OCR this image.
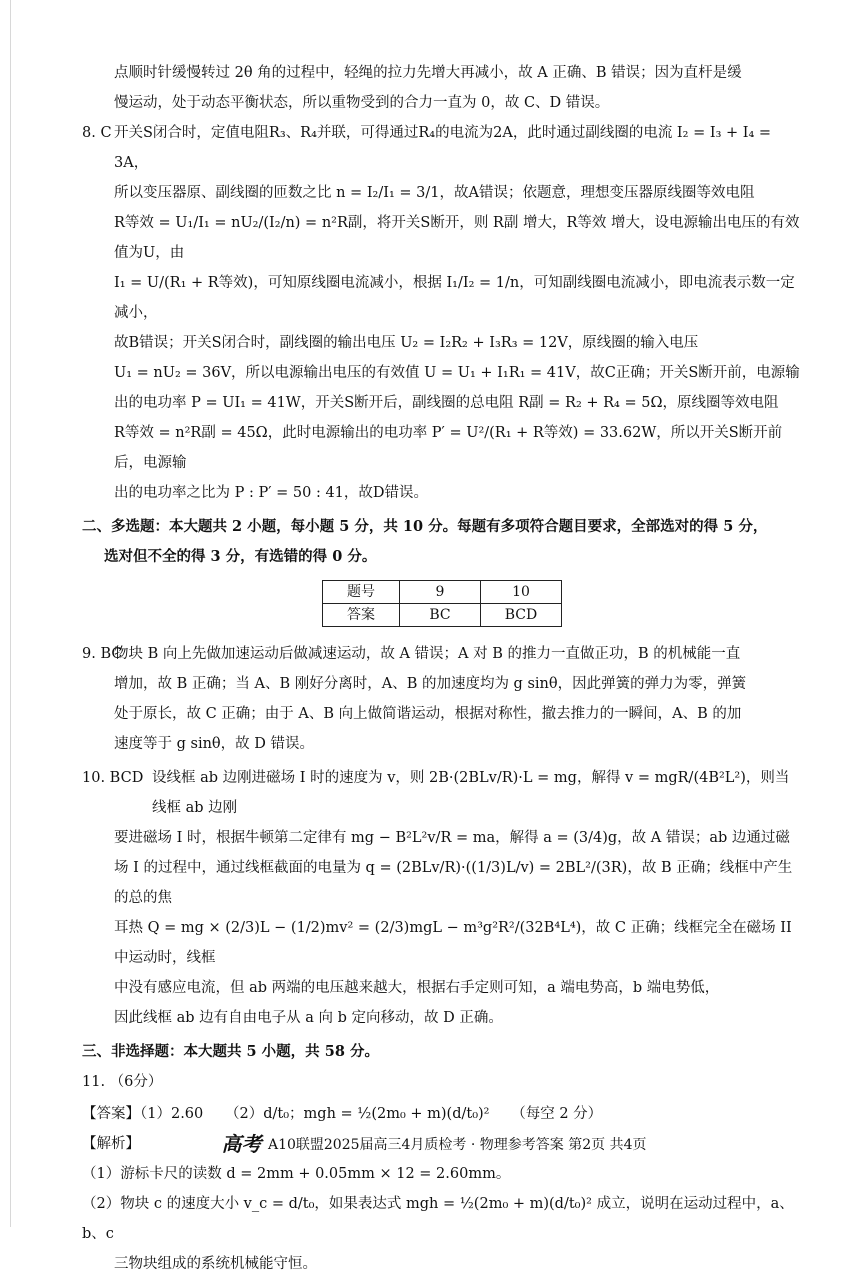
点顺时针缓慢转过 2θ 角的过程中，轻绳的拉力先增大再减小，故 A 正确、B 错误；因为直杆是缓

慢运动，处于动态平衡状态，所以重物受到的合力一直为 0，故 C、D 错误。

8. C 开关S闭合时，定值电阻R₃、R₄并联，可得通过R₄的电流为2A，此时通过副线圈的电流 I₂ = I₃ + I₄ = 3A，

所以变压器原、副线圈的匝数之比 n = I₂/I₁ = 3/1，故A错误；依题意，理想变压器原线圈等效电阻

R等效 = U₁/I₁ = nU₂/(I₂/n) = n²R副，将开关S断开，则 R副 增大，R等效 增大，设电源输出电压的有效值为U，由

I₁ = U/(R₁ + R等效)，可知原线圈电流减小，根据 I₁/I₂ = 1/n，可知副线圈电流减小，即电流表示数一定减小，

故B错误；开关S闭合时，副线圈的输出电压 U₂ = I₂R₂ + I₃R₃ = 12V，原线圈的输入电压

U₁ = nU₂ = 36V，所以电源输出电压的有效值 U = U₁ + I₁R₁ = 41V，故C正确；开关S断开前，电源输

出的电功率 P = UI₁ = 41W，开关S断开后，副线圈的总电阻 R副 = R₂ + R₄ = 5Ω，原线圈等效电阻

R等效 = n²R副 = 45Ω，此时电源输出的电功率 P′ = U²/(R₁ + R等效) = 33.62W，所以开关S断开前后，电源输

出的电功率之比为 P : P′ = 50 : 41，故D错误。

二、多选题：本大题共 2 小题，每小题 5 分，共 10 分。每题有多项符合题目要求，全部选对的得 5 分，

选对但不全的得 3 分，有选错的得 0 分。

题号	9	10
答案	BC	BCD
9. BC

物块 B 向上先做加速运动后做减速运动，故 A 错误；A 对 B 的推力一直做正功，B 的机械能一直

增加，故 B 正确；当 A、B 刚好分离时，A、B 的加速度均为 g sinθ，因此弹簧的弹力为零，弹簧

处于原长，故 C 正确；由于 A、B 向上做简谐运动，根据对称性，撤去推力的一瞬间，A、B 的加

速度等于 g sinθ，故 D 错误。

10. BCD 设线框 ab 边刚进磁场 I 时的速度为 v，则 2B·(2BLv/R)·L = mg，解得 v = mgR/(4B²L²)，则当线框 ab 边刚

要进磁场 I 时，根据牛顿第二定律有 mg − B²L²v/R = ma，解得 a = (3/4)g，故 A 错误；ab 边通过磁

场 I 的过程中，通过线框截面的电量为 q = (2BLv/R)·((1/3)L/v) = 2BL²/(3R)，故 B 正确；线框中产生的总的焦

耳热 Q = mg × (2/3)L − (1/2)mv² = (2/3)mgL − m³g²R²/(32B⁴L⁴)，故 C 正确；线框完全在磁场 II 中运动时，线框

中没有感应电流，但 ab 两端的电压越来越大，根据右手定则可知，a 端电势高，b 端电势低，

因此线框 ab 边有自由电子从 a 向 b 定向移动，故 D 正确。

三、非选择题：本大题共 5 小题，共 58 分。

11. （6分）

【答案】（1）2.60　　（2）d/t₀；mgh = ½(2m₀ + m)(d/t₀)²　　（每空 2 分）

【解析】

（1）游标卡尺的读数 d = 2mm + 0.05mm × 12 = 2.60mm。

（2）物块 c 的速度大小 v_c = d/t₀，如果表达式 mgh = ½(2m₀ + m)(d/t₀)² 成立，说明在运动过程中，a、b、c

三物块组成的系统机械能守恒。

高考 A10联盟2025届高三4月质检考 · 物理参考答案 第2页 共4页
